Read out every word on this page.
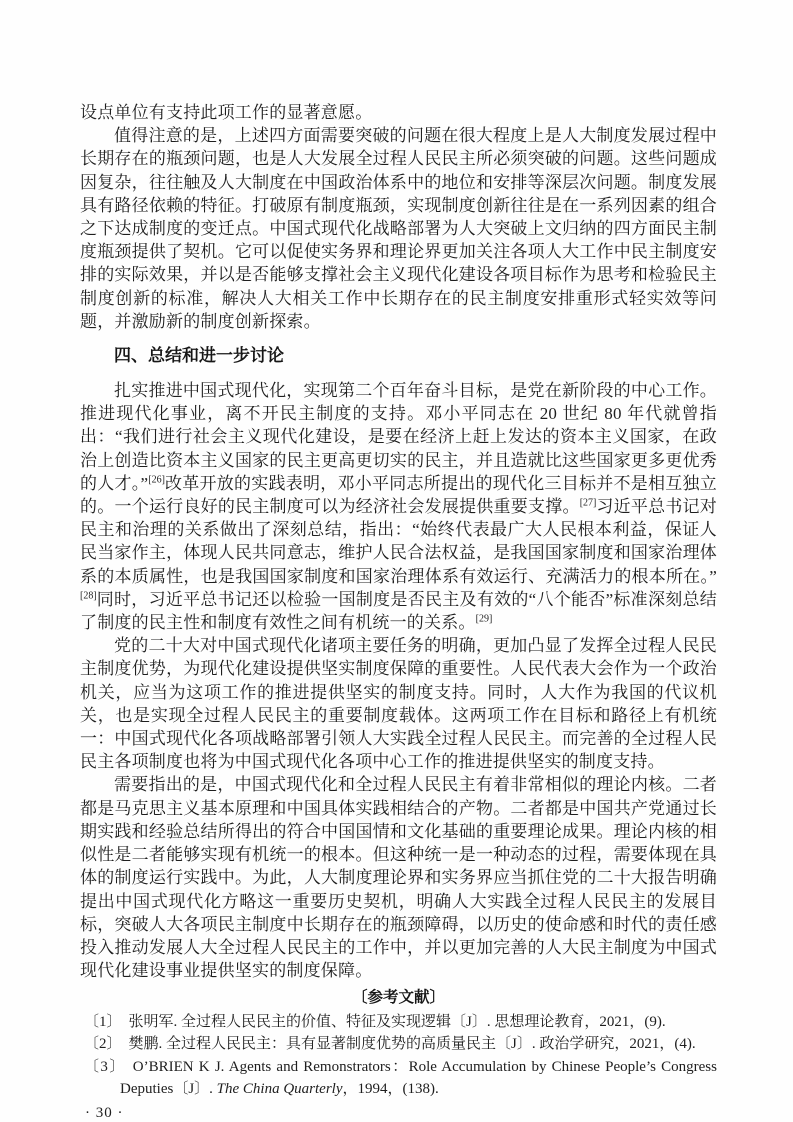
设点单位有支持此项工作的显著意愿。

值得注意的是，上述四方面需要突破的问题在很大程度上是人大制度发展过程中长期存在的瓶颈问题，也是人大发展全过程人民民主所必须突破的问题。这些问题成因复杂，往往触及人大制度在中国政治体系中的地位和安排等深层次问题。制度发展具有路径依赖的特征。打破原有制度瓶颈，实现制度创新往往是在一系列因素的组合之下达成制度的变迁点。中国式现代化战略部署为人大突破上文归纳的四方面民主制度瓶颈提供了契机。它可以促使实务界和理论界更加关注各项人大工作中民主制度安排的实际效果，并以是否能够支撑社会主义现代化建设各项目标作为思考和检验民主制度创新的标准，解决人大相关工作中长期存在的民主制度安排重形式轻实效等问题，并激励新的制度创新探索。

四、总结和进一步讨论

扎实推进中国式现代化，实现第二个百年奋斗目标，是党在新阶段的中心工作。推进现代化事业，离不开民主制度的支持。邓小平同志在 20 世纪 80 年代就曾指出：“我们进行社会主义现代化建设，是要在经济上赶上发达的资本主义国家，在政治上创造比资本主义国家的民主更高更切实的民主，并且造就比这些国家更多更优秀的人才。”[26]改革开放的实践表明，邓小平同志所提出的现代化三目标并不是相互独立的。一个运行良好的民主制度可以为经济社会发展提供重要支撑。[27]习近平总书记对民主和治理的关系做出了深刻总结，指出：“始终代表最广大人民根本利益，保证人民当家作主，体现人民共同意志，维护人民合法权益，是我国国家制度和国家治理体系的本质属性，也是我国国家制度和国家治理体系有效运行、充满活力的根本所在。”[28]同时，习近平总书记还以检验一国制度是否民主及有效的“八个能否”标准深刻总结了制度的民主性和制度有效性之间有机统一的关系。[29]

党的二十大对中国式现代化诸项主要任务的明确，更加凸显了发挥全过程人民民主制度优势，为现代化建设提供坚实制度保障的重要性。人民代表大会作为一个政治机关，应当为这项工作的推进提供坚实的制度支持。同时，人大作为我国的代议机关，也是实现全过程人民民主的重要制度载体。这两项工作在目标和路径上有机统一：中国式现代化各项战略部署引领人大实践全过程人民民主。而完善的全过程人民民主各项制度也将为中国式现代化各项中心工作的推进提供坚实的制度支持。

需要指出的是，中国式现代化和全过程人民民主有着非常相似的理论内核。二者都是马克思主义基本原理和中国具体实践相结合的产物。二者都是中国共产党通过长期实践和经验总结所得出的符合中国国情和文化基础的重要理论成果。理论内核的相似性是二者能够实现有机统一的根本。但这种统一是一种动态的过程，需要体现在具体的制度运行实践中。为此，人大制度理论界和实务界应当抓住党的二十大报告明确提出中国式现代化方略这一重要历史契机，明确人大实践全过程人民民主的发展目标，突破人大各项民主制度中长期存在的瓶颈障碍，以历史的使命感和时代的责任感投入推动发展人大全过程人民民主的工作中，并以更加完善的人大民主制度为中国式现代化建设事业提供坚实的制度保障。

〔参考文献〕
〔1〕 张明军. 全过程人民民主的价值、特征及实现逻辑〔J〕. 思想理论教育，2021，(9).
〔2〕 樊鹏. 全过程人民民主：具有显著制度优势的高质量民主〔J〕. 政治学研究，2021，(4).
〔3〕 O’BRIEN K J. Agents and Remonstrators：Role Accumulation by Chinese People’s Congress Deputies〔J〕. The China Quarterly，1994，(138).
· 30 ·
